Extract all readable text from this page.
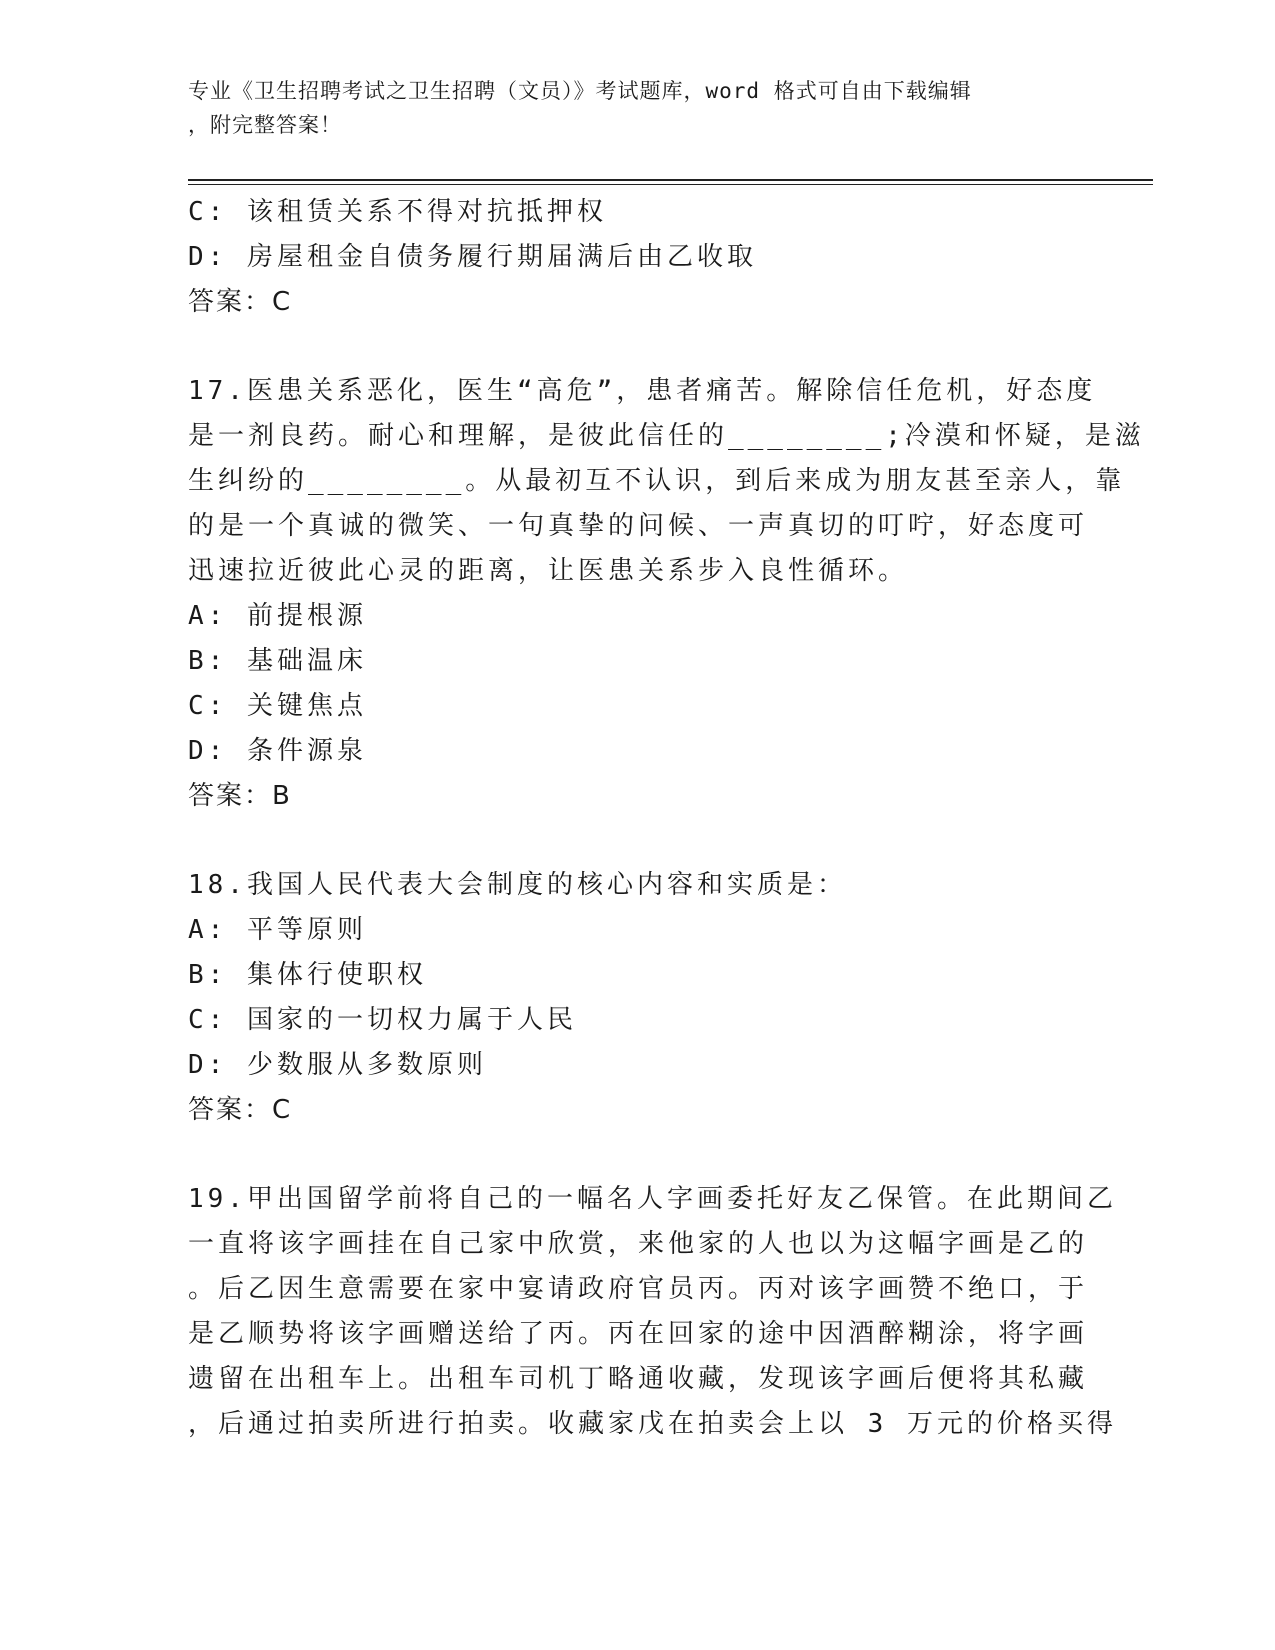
专业《卫生招聘考试之卫生招聘（文员）》考试题库，word 格式可自由下载编辑
，附完整答案！
C: 该租赁关系不得对抗抵押权
D: 房屋租金自债务履行期届满后由乙收取
答案：C
17.医患关系恶化，医生“高危”，患者痛苦。解除信任危机，好态度
是一剂良药。耐心和理解，是彼此信任的________;冷漠和怀疑，是滋
生纠纷的________。从最初互不认识，到后来成为朋友甚至亲人，靠
的是一个真诚的微笑、一句真挚的问候、一声真切的叮咛，好态度可
迅速拉近彼此心灵的距离，让医患关系步入良性循环。
A: 前提根源
B: 基础温床
C: 关键焦点
D: 条件源泉
答案：B
18.我国人民代表大会制度的核心内容和实质是：
A: 平等原则
B: 集体行使职权
C: 国家的一切权力属于人民
D: 少数服从多数原则
答案：C
19.甲出国留学前将自己的一幅名人字画委托好友乙保管。在此期间乙
一直将该字画挂在自己家中欣赏，来他家的人也以为这幅字画是乙的
。后乙因生意需要在家中宴请政府官员丙。丙对该字画赞不绝口，于
是乙顺势将该字画赠送给了丙。丙在回家的途中因酒醉糊涂，将字画
遗留在出租车上。出租车司机丁略通收藏，发现该字画后便将其私藏
，后通过拍卖所进行拍卖。收藏家戊在拍卖会上以 3 万元的价格买得
